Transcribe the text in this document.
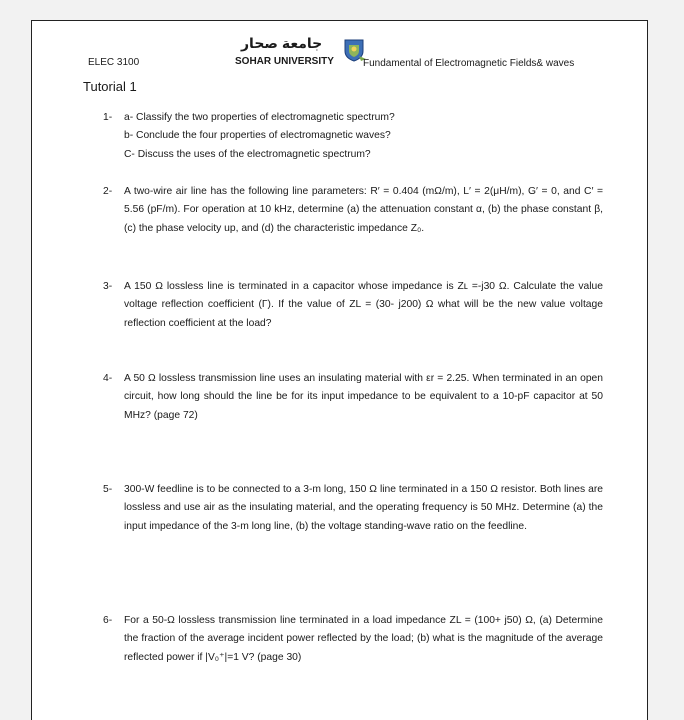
ELEC 3100
Tutorial 1
جامعة صحار
SOHAR UNIVERSITY	Fundamental of Electromagnetic Fields& waves
1- a- Classify the two properties of electromagnetic spectrum?
b- Conclude the four properties of electromagnetic waves?
C- Discuss the uses of the electromagnetic spectrum?
2- A two-wire air line has the following line parameters: R′ = 0.404 (mΩ/m), L′ = 2(μH/m), G′ = 0, and C′ = 5.56 (pF/m). For operation at 10 kHz, determine (a) the attenuation constant α, (b) the phase constant β, (c) the phase velocity up, and (d) the characteristic impedance Z₀.
3- A 150 Ω lossless line is terminated in a capacitor whose impedance is Zʟ =-j30 Ω. Calculate the value voltage reflection coefficient (Γ). If the value of ZL = (30- j200) Ω what will be the new value voltage reflection coefficient at the load?
4- A 50 Ω lossless transmission line uses an insulating material with εr = 2.25. When terminated in an open circuit, how long should the line be for its input impedance to be equivalent to a 10-pF capacitor at 50 MHz? (page 72)
5- 300-W feedline is to be connected to a 3-m long, 150 Ω line terminated in a 150 Ω resistor. Both lines are lossless and use air as the insulating material, and the operating frequency is 50 MHz. Determine (a) the input impedance of the 3-m long line, (b) the voltage standing-wave ratio on the feedline.
6- For a 50-Ω lossless transmission line terminated in a load impedance ZL = (100+ j50) Ω, (a) Determine the fraction of the average incident power reflected by the load; (b) what is the magnitude of the average reflected power if |V₀⁺|=1 V? (page 30)
